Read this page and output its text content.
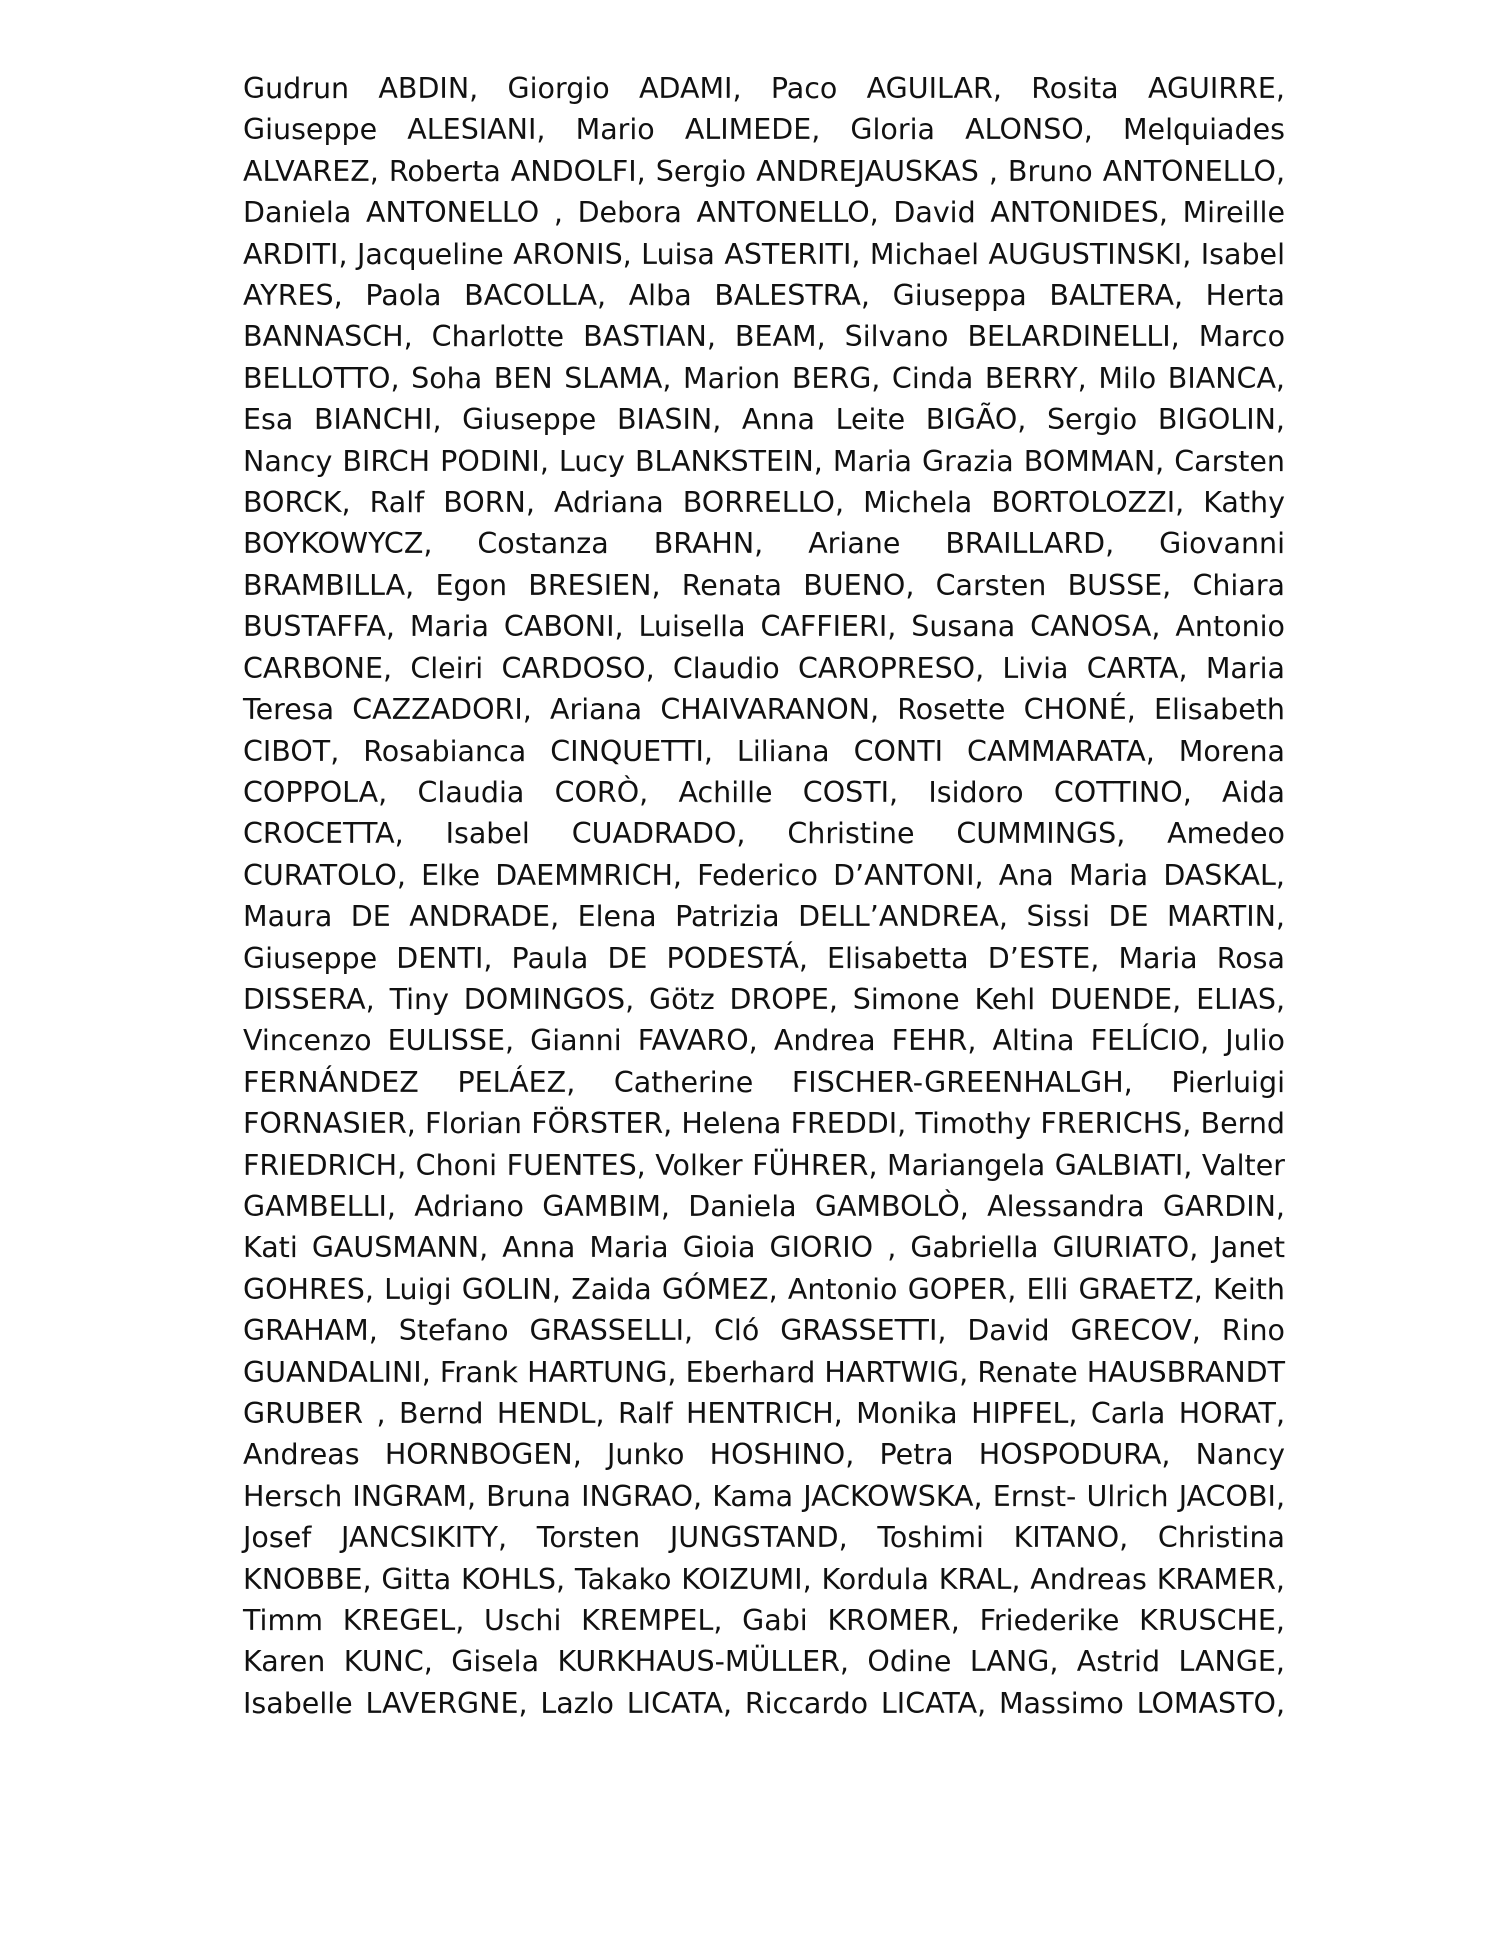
Gudrun ABDIN, Giorgio ADAMI, Paco AGUILAR, Rosita AGUIRRE, Giuseppe ALESIANI, Mario ALIMEDE, Gloria ALONSO, Melquiades ALVAREZ, Roberta ANDOLFI, Sergio ANDREJAUSKAS , Bruno ANTONELLO, Daniela ANTONELLO , Debora ANTONELLO, David ANTONIDES, Mireille ARDITI, Jacqueline ARONIS, Luisa ASTERITI, Michael AUGUSTINSKI, Isabel AYRES, Paola BACOLLA, Alba BALESTRA, Giuseppa BALTERA, Herta BANNASCH, Charlotte BASTIAN, BEAM, Silvano BELARDINELLI, Marco BELLOTTO, Soha BEN SLAMA, Marion BERG, Cinda BERRY, Milo BIANCA, Esa BIANCHI, Giuseppe BIASIN, Anna Leite BIGÃO, Sergio BIGOLIN, Nancy BIRCH PODINI, Lucy BLANKSTEIN, Maria Grazia BOMMAN, Carsten BORCK, Ralf BORN, Adriana BORRELLO, Michela BORTOLOZZI, Kathy BOYKOWYCZ, Costanza BRAHN, Ariane BRAILLARD, Giovanni BRAMBILLA, Egon BRESIEN, Renata BUENO, Carsten BUSSE, Chiara BUSTAFFA, Maria CABONI, Luisella CAFFIERI, Susana CANOSA, Antonio CARBONE, Cleiri CARDOSO, Claudio CAROPRESO, Livia CARTA, Maria Teresa CAZZADORI, Ariana CHAIVARANON, Rosette CHONÉ, Elisabeth CIBOT, Rosabianca CINQUETTI, Liliana CONTI CAMMARATA, Morena COPPOLA, Claudia CORÒ, Achille COSTI, Isidoro COTTINO, Aida CROCETTA, Isabel CUADRADO, Christine CUMMINGS, Amedeo CURATOLO, Elke DAEMMRICH, Federico D’ANTONI, Ana Maria DASKAL, Maura DE ANDRADE, Elena Patrizia DELL’ANDREA, Sissi DE MARTIN, Giuseppe DENTI, Paula DE PODESTÁ, Elisabetta D’ESTE, Maria Rosa DISSERA, Tiny DOMINGOS, Götz DROPE, Simone Kehl DUENDE, ELIAS, Vincenzo EULISSE, Gianni FAVARO, Andrea FEHR, Altina FELÍCIO, Julio FERNÁNDEZ PELÁEZ, Catherine FISCHER-GREENHALGH, Pierluigi FORNASIER, Florian FÖRSTER, Helena FREDDI, Timothy FRERICHS, Bernd FRIEDRICH, Choni FUENTES, Volker FÜHRER, Mariangela GALBIATI, Valter GAMBELLI, Adriano GAMBIM, Daniela GAMBOLÒ, Alessandra GARDIN, Kati GAUSMANN, Anna Maria Gioia GIORIO , Gabriella GIURIATO, Janet GOHRES, Luigi GOLIN, Zaida GÓMEZ, Antonio GOPER, Elli GRAETZ, Keith GRAHAM, Stefano GRASSELLI, Cló GRASSETTI, David GRECOV, Rino GUANDALINI, Frank HARTUNG, Eberhard HARTWIG, Renate HAUSBRANDT GRUBER , Bernd HENDL, Ralf HENTRICH, Monika HIPFEL, Carla HORAT, Andreas HORNBOGEN, Junko HOSHINO, Petra HOSPODURA, Nancy Hersch INGRAM, Bruna INGRAO, Kama JACKOWSKA, Ernst- Ulrich JACOBI, Josef JANCSIKITY, Torsten JUNGSTAND, Toshimi KITANO, Christina KNOBBE, Gitta KOHLS, Takako KOIZUMI, Kordula KRAL, Andreas KRAMER, Timm KREGEL, Uschi KREMPEL, Gabi KROMER, Friederike KRUSCHE, Karen KUNC, Gisela KURKHAUS-MÜLLER, Odine LANG, Astrid LANGE, Isabelle LAVERGNE, Lazlo LICATA, Riccardo LICATA, Massimo LOMASTO,
